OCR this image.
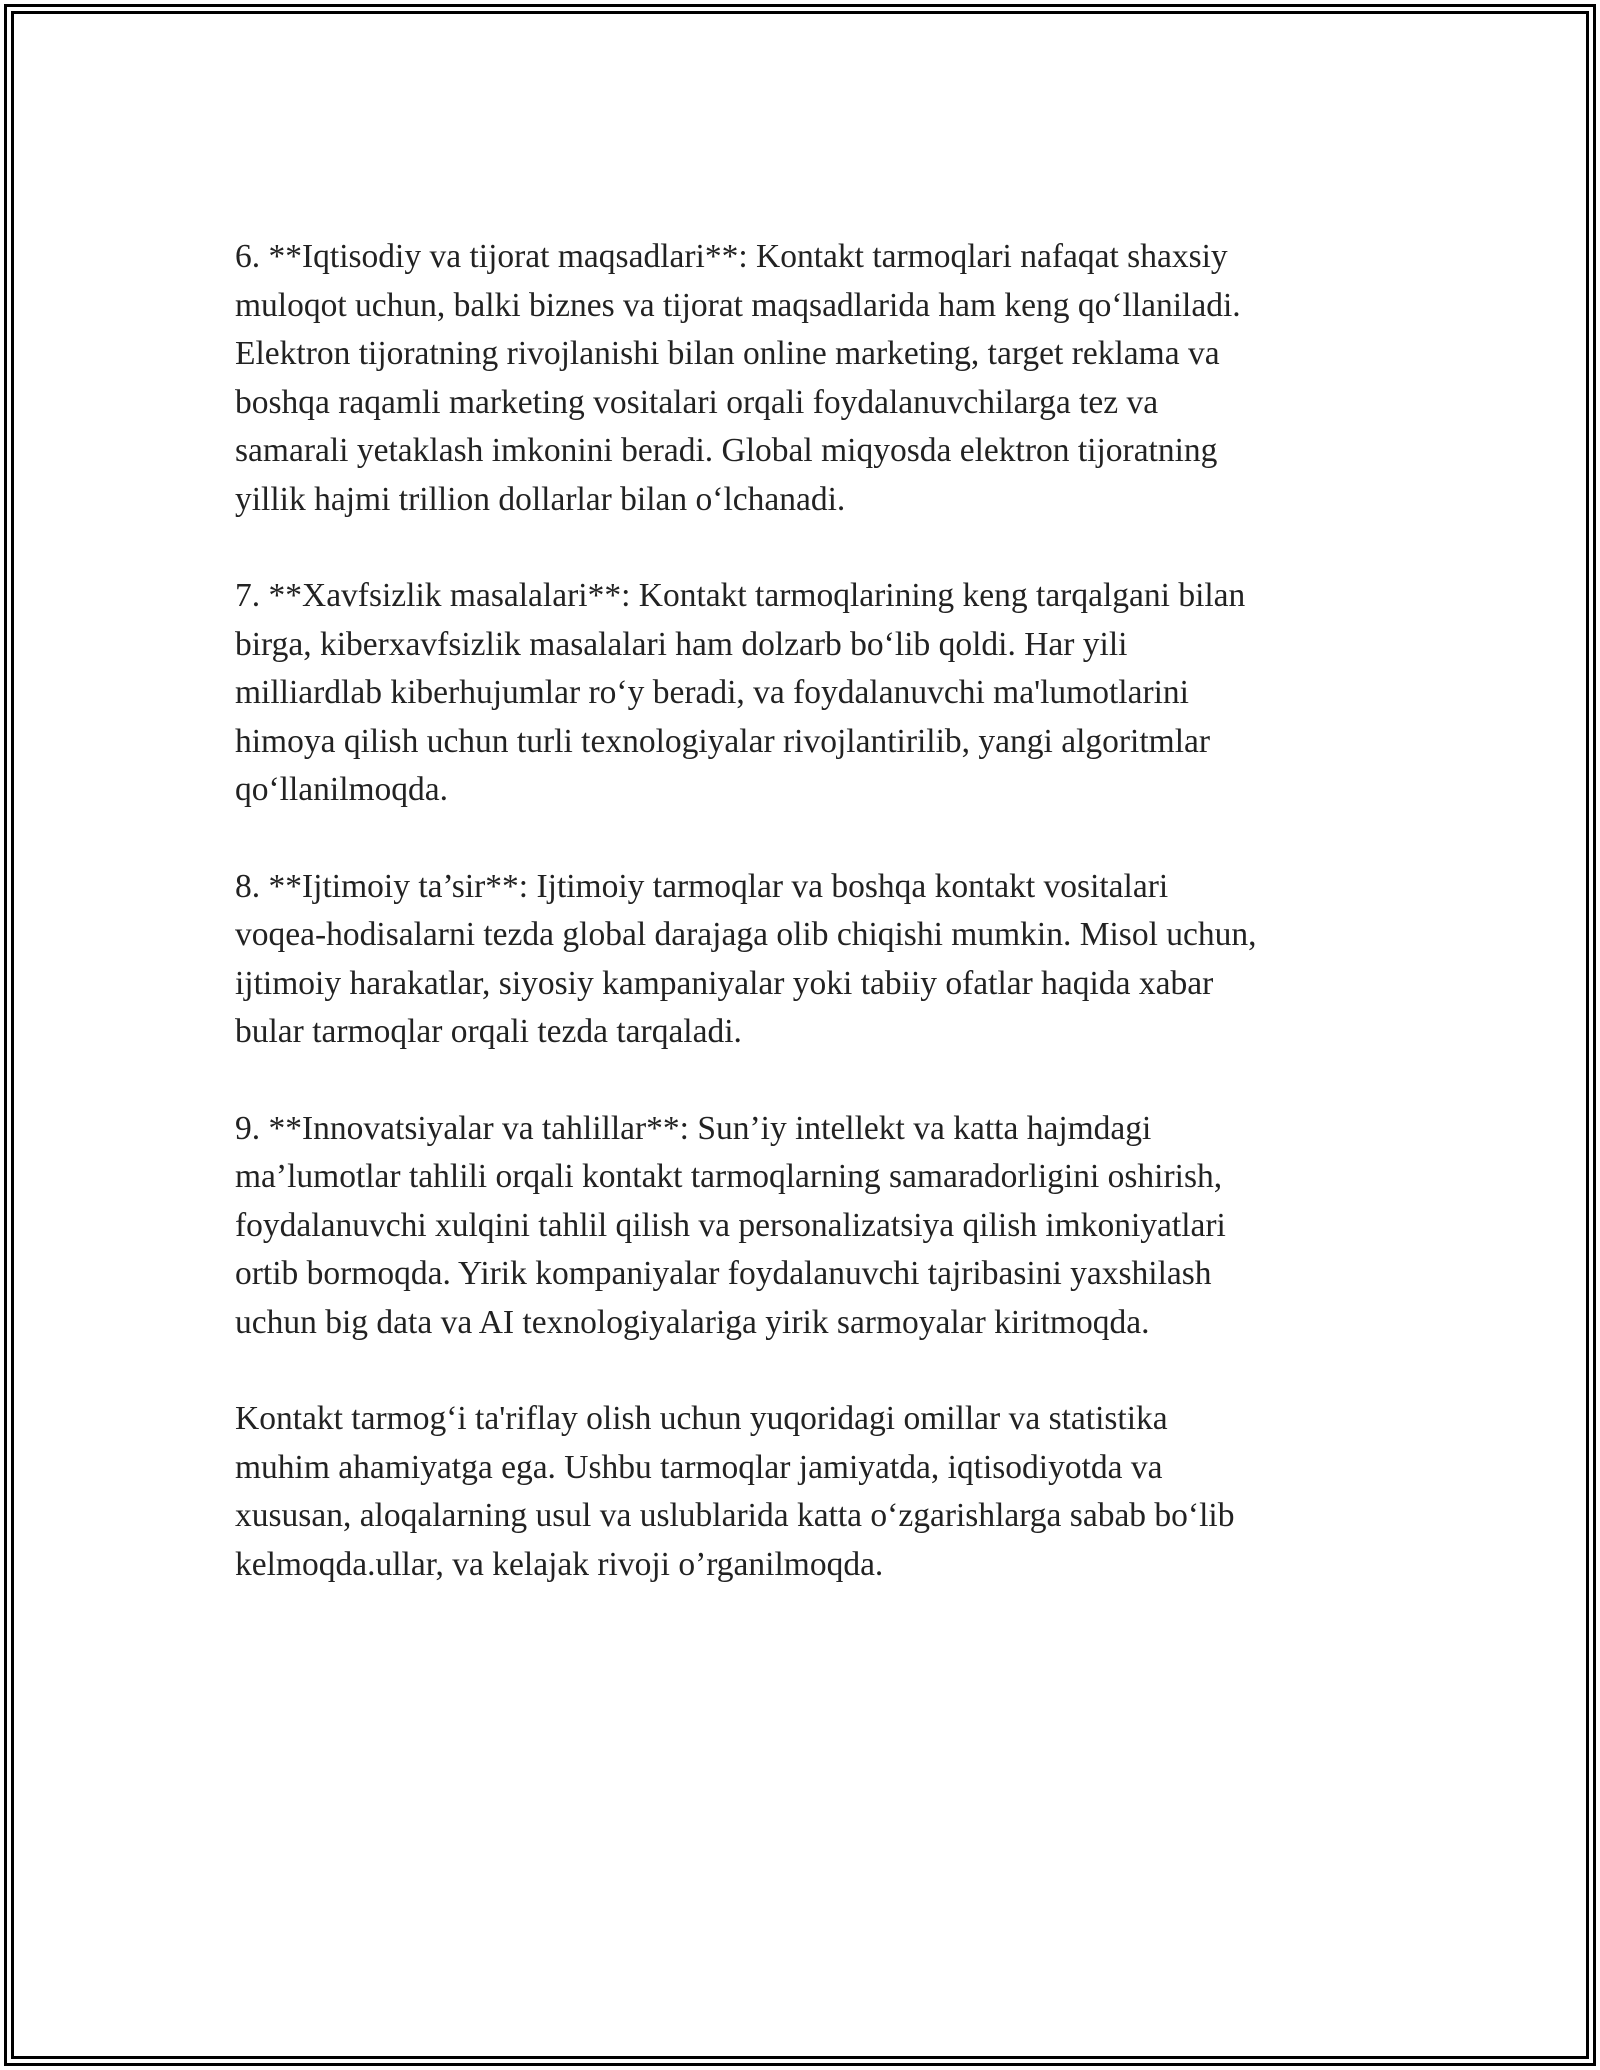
6. **Iqtisodiy va tijorat maqsadlari**: Kontakt tarmoqlari nafaqat shaxsiy
muloqot uchun, balki biznes va tijorat maqsadlarida ham keng qo‘llaniladi.
Elektron tijoratning rivojlanishi bilan online marketing, target reklama va
boshqa raqamli marketing vositalari orqali foydalanuvchilarga tez va
samarali yetaklash imkonini beradi. Global miqyosda elektron tijoratning
yillik hajmi trillion dollarlar bilan o‘lchanadi.

7. **Xavfsizlik masalalari**: Kontakt tarmoqlarining keng tarqalgani bilan
birga, kiberxavfsizlik masalalari ham dolzarb bo‘lib qoldi. Har yili
milliardlab kiberhujumlar ro‘y beradi, va foydalanuvchi ma'lumotlarini
himoya qilish uchun turli texnologiyalar rivojlantirilib, yangi algoritmlar
qo‘llanilmoqda.

8. **Ijtimoiy ta’sir**: Ijtimoiy tarmoqlar va boshqa kontakt vositalari
voqea-hodisalarni tezda global darajaga olib chiqishi mumkin. Misol uchun,
ijtimoiy harakatlar, siyosiy kampaniyalar yoki tabiiy ofatlar haqida xabar
bular tarmoqlar orqali tezda tarqaladi.

9. **Innovatsiyalar va tahlillar**: Sun’iy intellekt va katta hajmdagi
ma’lumotlar tahlili orqali kontakt tarmoqlarning samaradorligini oshirish,
foydalanuvchi xulqini tahlil qilish va personalizatsiya qilish imkoniyatlari
ortib bormoqda. Yirik kompaniyalar foydalanuvchi tajribasini yaxshilash
uchun big data va AI texnologiyalariga yirik sarmoyalar kiritmoqda.

Kontakt tarmog‘i ta'riflay olish uchun yuqoridagi omillar va statistika
muhim ahamiyatga ega. Ushbu tarmoqlar jamiyatda, iqtisodiyotda va
xususan, aloqalarning usul va uslublarida katta o‘zgarishlarga sabab bo‘lib
kelmoqda.ullar, va kelajak rivoji o’rganilmoqda.
